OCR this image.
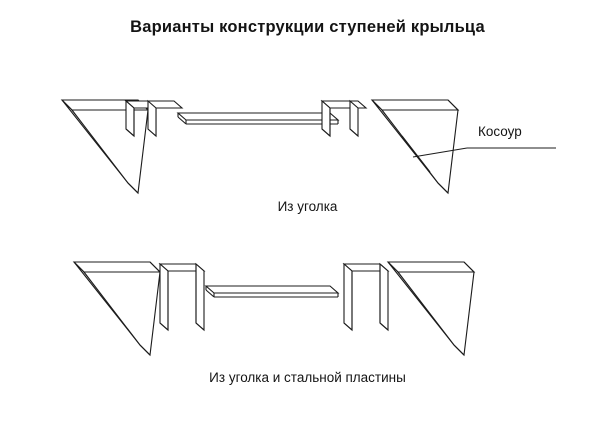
Варианты конструкции ступеней крыльца
Косоур
Из уголка
Из уголка и стальной пластины
